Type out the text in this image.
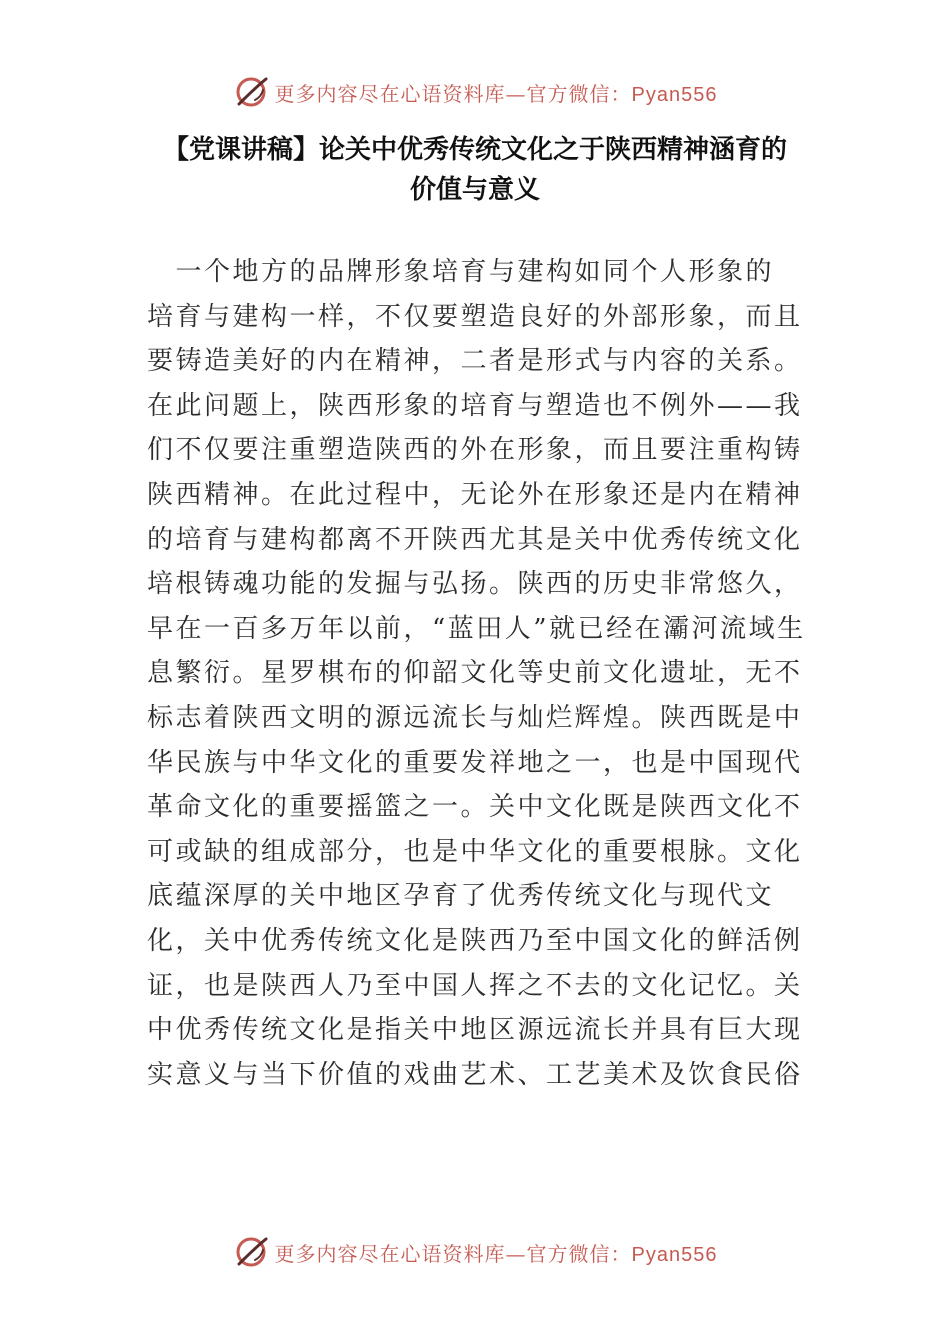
更多内容尽在心语资料库—官方微信：Pyan556
【党课讲稿】论关中优秀传统文化之于陕西精神涵育的
价值与意义
　一个地方的品牌形象培育与建构如同个人形象的
培育与建构一样，不仅要塑造良好的外部形象，而且
要铸造美好的内在精神，二者是形式与内容的关系。
在此问题上，陕西形象的培育与塑造也不例外——我
们不仅要注重塑造陕西的外在形象，而且要注重构铸
陕西精神。在此过程中，无论外在形象还是内在精神
的培育与建构都离不开陕西尤其是关中优秀传统文化
培根铸魂功能的发掘与弘扬。陕西的历史非常悠久，
早在一百多万年以前，“蓝田人”就已经在灞河流域生
息繁衍。星罗棋布的仰韶文化等史前文化遗址，无不
标志着陕西文明的源远流长与灿烂辉煌。陕西既是中
华民族与中华文化的重要发祥地之一，也是中国现代
革命文化的重要摇篮之一。关中文化既是陕西文化不
可或缺的组成部分，也是中华文化的重要根脉。文化
底蕴深厚的关中地区孕育了优秀传统文化与现代文
化，关中优秀传统文化是陕西乃至中国文化的鲜活例
证，也是陕西人乃至中国人挥之不去的文化记忆。关
中优秀传统文化是指关中地区源远流长并具有巨大现
实意义与当下价值的戏曲艺术、工艺美术及饮食民俗
更多内容尽在心语资料库—官方微信：Pyan556
